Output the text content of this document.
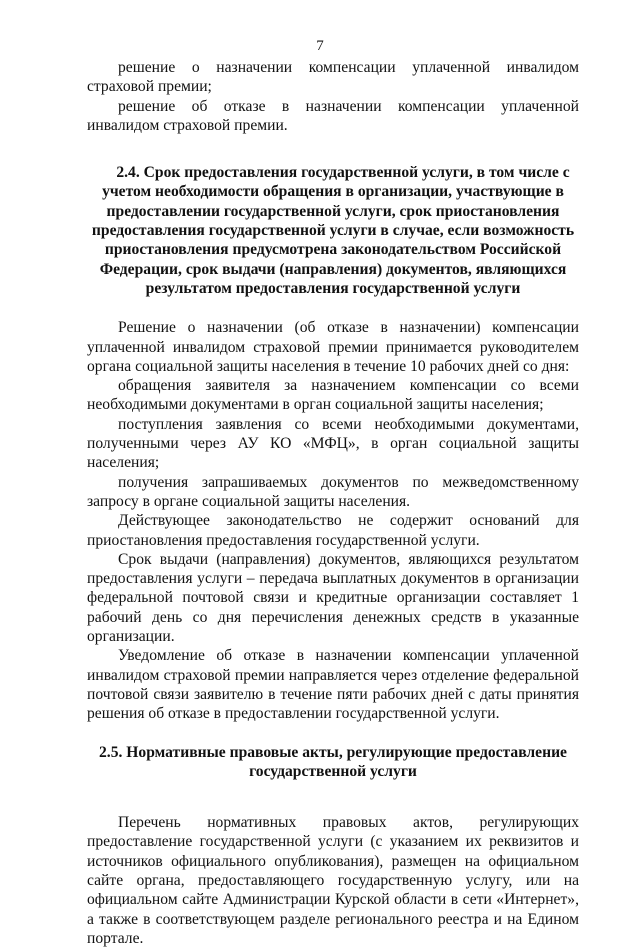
7

решение о назначении компенсации уплаченной инвалидом страховой премии;

решение об отказе в назначении компенсации уплаченной инвалидом страховой премии.

2.4. Срок предоставления государственной услуги, в том числе с учетом необходимости обращения в организации, участвующие в предоставлении государственной услуги, срок приостановления предоставления государственной услуги в случае, если возможность приостановления предусмотрена законодательством Российской Федерации, срок выдачи (направления) документов, являющихся результатом предоставления государственной услуги

Решение о назначении (об отказе в назначении) компенсации уплаченной инвалидом страховой премии принимается руководителем органа социальной защиты населения в течение 10 рабочих дней со дня:

обращения заявителя за назначением компенсации со всеми необходимыми документами в орган социальной защиты населения;

поступления заявления со всеми необходимыми документами, полученными через АУ КО «МФЦ», в орган социальной защиты населения;

получения запрашиваемых документов по межведомственному запросу в органе социальной защиты населения.

Действующее законодательство не содержит оснований для приостановления предоставления государственной услуги.

Срок выдачи (направления) документов, являющихся результатом предоставления услуги – передача выплатных документов в организации федеральной почтовой связи и кредитные организации составляет 1 рабочий день со дня перечисления денежных средств в указанные организации.

Уведомление об отказе в назначении компенсации уплаченной инвалидом страховой премии направляется через отделение федеральной почтовой связи заявителю в течение пяти рабочих дней с даты принятия решения об отказе в предоставлении государственной услуги.

2.5. Нормативные правовые акты, регулирующие предоставление государственной услуги

Перечень нормативных правовых актов, регулирующих предоставление государственной услуги (с указанием их реквизитов и источников официального опубликования), размещен на официальном сайте органа, предоставляющего государственную услугу, или на официальном сайте Администрации Курской области в сети «Интернет», а также в соответствующем разделе регионального реестра и на Едином портале.
